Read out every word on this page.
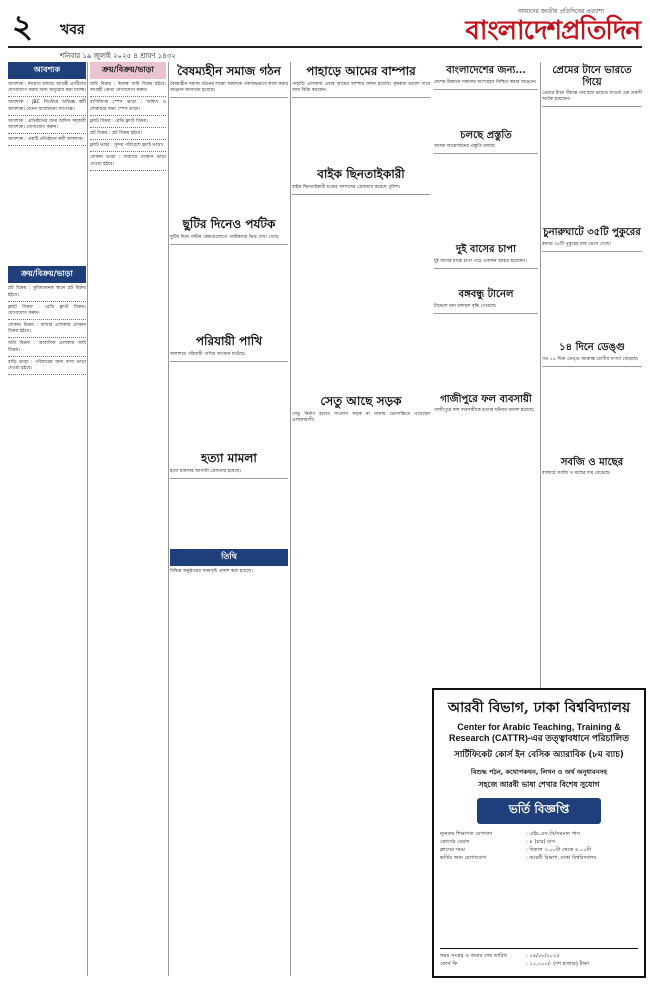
২ খবর
আমাদের জাতীয় প্রতিদিনের প্রত্যাশা
বাংলাদেশপ্রতিদিন
শনিবার ১৯ জুলাই ২০২৫ ৪ শ্রাবণ ১৪৩২
আবশ্যক
আবশ্যক : নিয়োগ চলছে। আগ্রহী প্রার্থীদের যোগাযোগ করার জন্য অনুরোধ করা যাচ্ছে।
আবশ্যক : JBC সিস্টেমে অভিজ্ঞ কর্মী আবশ্যক। বেতন আলোচনা সাপেক্ষে।
আবশ্যক : প্রতিষ্ঠানের জন্য অফিস সহকারী আবশ্যক। যোগাযোগ করুন।
আবশ্যক : একটি প্রতিষ্ঠানে কর্মী আবশ্যক।
ক্রয়/বিক্রয়/ভাড়া
প্লট বিক্রয় : সুবিধাজনক স্থানে প্লট বিক্রয় হইবে।
ফ্ল্যাট বিক্রয় : রেডি ফ্ল্যাট বিক্রয়। যোগাযোগ করুন।
দোকান বিক্রয় : বাজার এলাকায় দোকান বিক্রয় হইবে।
জমি বিক্রয় : আবাসিক এলাকায় জমি বিক্রয়।
বাড়ি ভাড়া : পরিবারের জন্য বাসা ভাড়া দেওয়া হইবে।
ক্রয়/বিক্রয়/ভাড়া
জমি বিক্রয় : নিজস্ব জমি বিক্রয় হইবে। আগ্রহী ক্রেতা যোগাযোগ করুন।
বাণিজ্যিক স্পেস ভাড়া : অফিস ও শোরুমের জন্য স্পেস ভাড়া।
ফ্ল্যাট বিক্রয় : রেডি ফ্ল্যাট বিক্রয়।
প্লট বিক্রয় : প্লট বিক্রয় হইবে।
ফ্ল্যাট ভাড়া : সুন্দর পরিবেশে ফ্ল্যাট ভাড়া।
দোকান ভাড়া : বাজারে দোকান ভাড়া দেওয়া হইবে।
বৈষম্যহীন সমাজ গঠন
বৈষম্যহীন সমাজ গঠনের লক্ষ্যে সকলকে ঐক্যবদ্ধভাবে কাজ করার আহ্বান জানানো হয়েছে।
ছুটির দিনেও পর্যটক
ছুটির দিনে পর্যটন কেন্দ্রগুলোতে পর্যটকদের ভিড় দেখা গেছে।
পরিযায়ী পাখি
জলাশয়ে পরিযায়ী পাখির আগমন ঘটেছে।
হত্যা মামলা
হত্যা মামলার আসামি গ্রেফতার হয়েছে।
তিথি
বিভিন্ন অনুষ্ঠানের সময়সূচি প্রকাশ করা হয়েছে।
পাহাড়ে আমের বাম্পার
পাহাড়ি এলাকায় এবার আমের বাম্পার ফলন হয়েছে। কৃষকরা ভালো দামে আম বিক্রি করছেন।
বাইক ছিনতাইকারী
বাইক ছিনতাইকারী চক্রের সদস্যদের গ্রেফতার করেছে পুলিশ।
সেতু আছে সড়ক
সেতু নির্মাণ হলেও সংযোগ সড়ক না থাকায় ভোগান্তিতে পড়েছেন এলাকাবাসী।
বাংলাদেশের জন্য...
দেশের উন্নয়নে সকলের অংশগ্রহণ নিশ্চিত করার আহ্বান।
চলছে প্রস্তুতি
আসন্ন আয়োজনের প্রস্তুতি চলছে।
দুই বাসের চাপা
দুই বাসের মাঝে চাপা পড়ে একজন আহত হয়েছেন।
বঙ্গবন্ধু টানেল
টানেলে যান চলাচল বৃদ্ধি পেয়েছে।
গাজীপুরে ফল ব্যবসায়ী
গাজীপুরে ফল ব্যবসায়ীকে হত্যার ঘটনায় মামলা হয়েছে।
প্রেমের টানে ভারতে গিয়ে
প্রেমের টানে সীমান্ত পার হয়ে ভারতে যাওয়া এক তরুণী আটক হয়েছেন।
চুনারুঘাটে ৩৫টি পুকুরের
বন্যায় ৩৫টি পুকুরের মাছ ভেসে গেছে।
১৪ দিনে ডেঙ্গু
গত ১৪ দিনে ডেঙ্গু আক্রান্ত রোগীর সংখ্যা বেড়েছে।
সবজি ও মাছের
বাজারে সবজি ও মাছের দাম বেড়েছে।
আরবী বিভাগ, ঢাকা বিশ্ববিদ্যালয়
Center for Arabic Teaching, Training & Research (CATTR)-এর তত্ত্বাবধানে পরিচালিত
সার্টিফিকেট কোর্স ইন বেসিক অ্যারাবিক (৮ম ব্যাচ)
বিশুদ্ধ পঠন, কথোপকথন, লিখন ও অর্থ অনুধাবনসহ
সহজে আরবী ভাষা শেখার বিশেষ সুযোগ
ভর্তি বিজ্ঞপ্তি
ন্যূনতম শিক্ষাগত যোগ্যতা	: এইচ.এস.সি/সমমান পাস
কোর্সের মেয়াদ	: ৪ (চার) মাস
ক্লাসের সময়	: বিকাল ৩.০০টা থেকে ৫.০০টা
ভর্তির জন্য যোগাযোগ	: আরবী বিভাগ, ঢাকা বিশ্ববিদ্যালয়
ফরম সংগ্রহ ও জমার শেষ তারিখ	: ০৪/০৮/২০২৫
কোর্স ফি	: ১০,০০০/- (দশ হাজার) টাকা
